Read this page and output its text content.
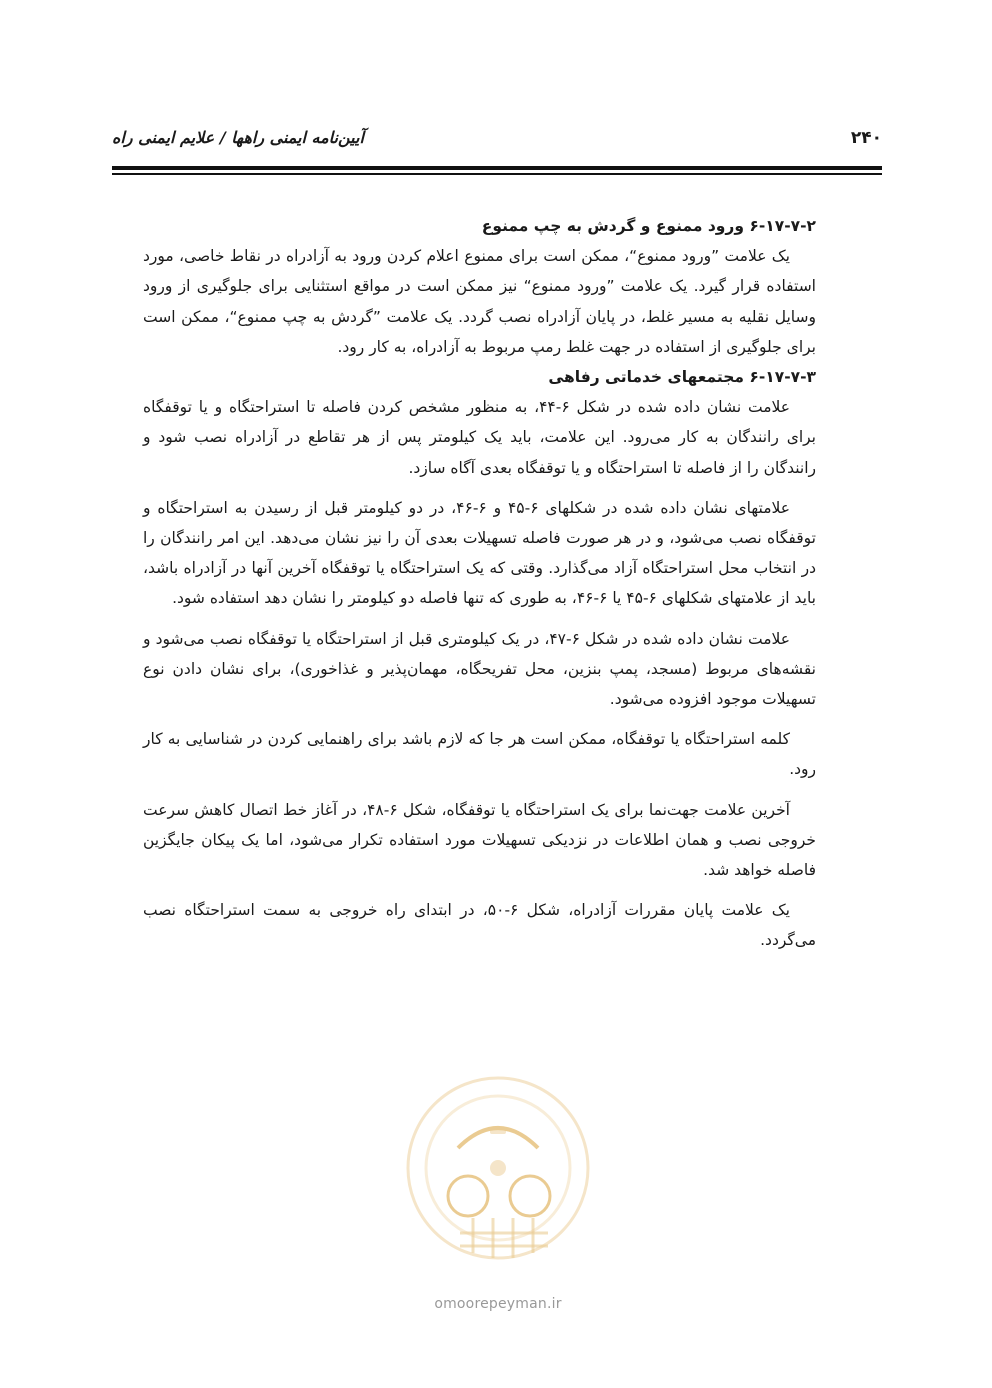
۲۴۰
آیین‌نامه ایمنی راهها / علایم ایمنی راه
۶-۱۷-۷-۲ ورود ممنوع و گردش به چپ ممنوع

یک علامت ”ورود ممنوع“، ممکن است برای ممنوع اعلام کردن ورود به آزادراه در نقاط خاصی، مورد استفاده قرار گیرد. یک علامت ”ورود ممنوع“ نیز ممکن است در مواقع استثنایی برای جلوگیری از ورود وسایل نقلیه به مسیر غلط، در پایان آزادراه نصب گردد. یک علامت ”گردش به چپ ممنوع“، ممکن است برای جلوگیری از استفاده در جهت غلط رمپ مربوط به آزادراه، به کار رود.

۶-۱۷-۷-۳ مجتمعهای خدماتی رفاهی

علامت نشان داده شده در شکل ۶-۴۴، به منظور مشخص کردن فاصله تا استراحتگاه و یا توقفگاه برای رانندگان به کار می‌رود. این علامت، باید یک کیلومتر پس از هر تقاطع در آزادراه نصب شود و رانندگان را از فاصله تا استراحتگاه و یا توقفگاه بعدی آگاه سازد.

علامتهای نشان داده شده در شکلهای ۶-۴۵ و ۶-۴۶، در دو کیلومتر قبل از رسیدن به استراحتگاه و توقفگاه نصب می‌شود، و در هر صورت فاصله تسهیلات بعدی آن را نیز نشان می‌دهد. این امر رانندگان را در انتخاب محل استراحتگاه آزاد می‌گذارد. وقتی که یک استراحتگاه یا توقفگاه آخرین آنها در آزادراه باشد، باید از علامتهای شکلهای ۶-۴۵ یا ۶-۴۶، به طوری که تنها فاصله دو کیلومتر را نشان دهد استفاده شود.

علامت نشان داده شده در شکل ۶-۴۷، در یک کیلومتری قبل از استراحتگاه یا توقفگاه نصب می‌شود و نقشه‌های مربوط (مسجد، پمپ بنزین، محل تفریحگاه، مهمان‌پذیر و غذاخوری)، برای نشان دادن نوع تسهیلات موجود افزوده می‌شود.

کلمه استراحتگاه یا توقفگاه، ممکن است هر جا که لازم باشد برای راهنمایی کردن در شناسایی به کار رود.

آخرین علامت جهت‌نما برای یک استراحتگاه یا توقفگاه، شکل ۶-۴۸، در آغاز خط اتصال کاهش سرعت خروجی نصب و همان اطلاعات در نزدیکی تسهیلات مورد استفاده تکرار می‌شود، اما یک پیکان جایگزین فاصله خواهد شد.

یک علامت پایان مقررات آزادراه، شکل ۶-۵۰، در ابتدای راه خروجی به سمت استراحتگاه نصب می‌گردد.

omoorepeyman.ir
